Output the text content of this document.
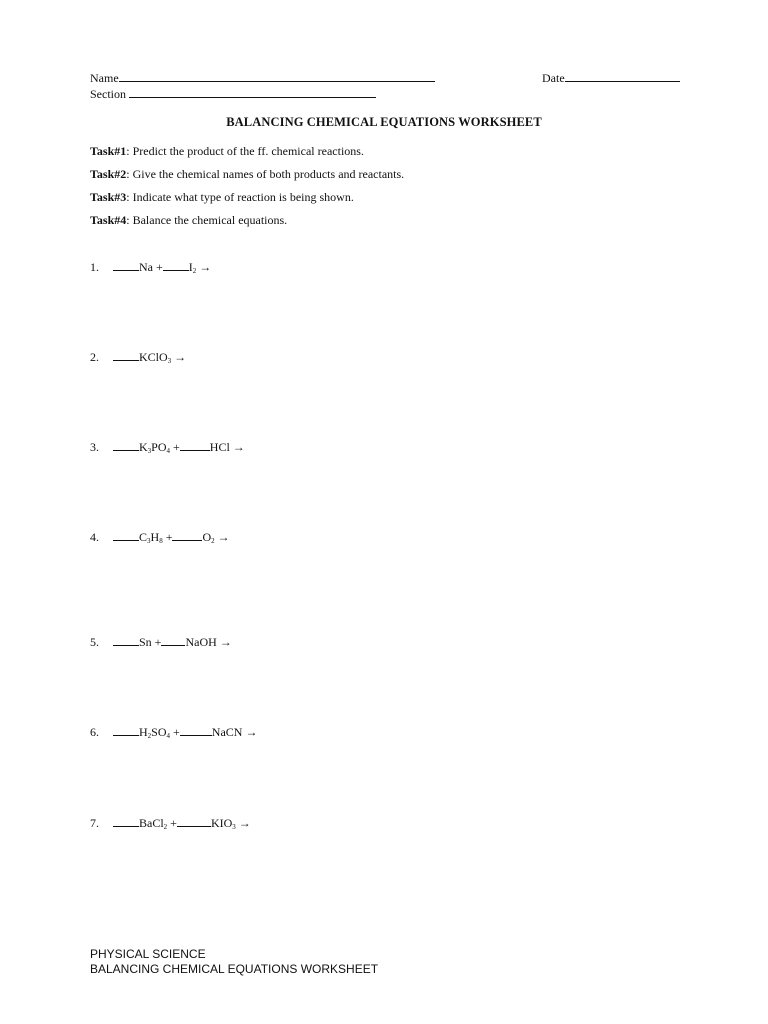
Name	Date
Section
BALANCING CHEMICAL EQUATIONS WORKSHEET
Task#1: Predict the product of the ff. chemical reactions.
Task#2: Give the chemical names of both products and reactants.
Task#3: Indicate what type of reaction is being shown.
Task#4: Balance the chemical equations.
1.	$Na + I_2$ →
2.	KClO$_3$ →
3.	$K_3PO_4$ +	HCl →
4.	$C_3H_8$ +	$O_2$ →
5.	Sn + NaOH →
6.	$H_2SO_4$ +	NaCN →
7.	BaCl$_2$ +	$KIO_3$ →
PHYSICAL SCIENCE
BALANCING CHEMICAL EQUATIONS WORKSHEET
